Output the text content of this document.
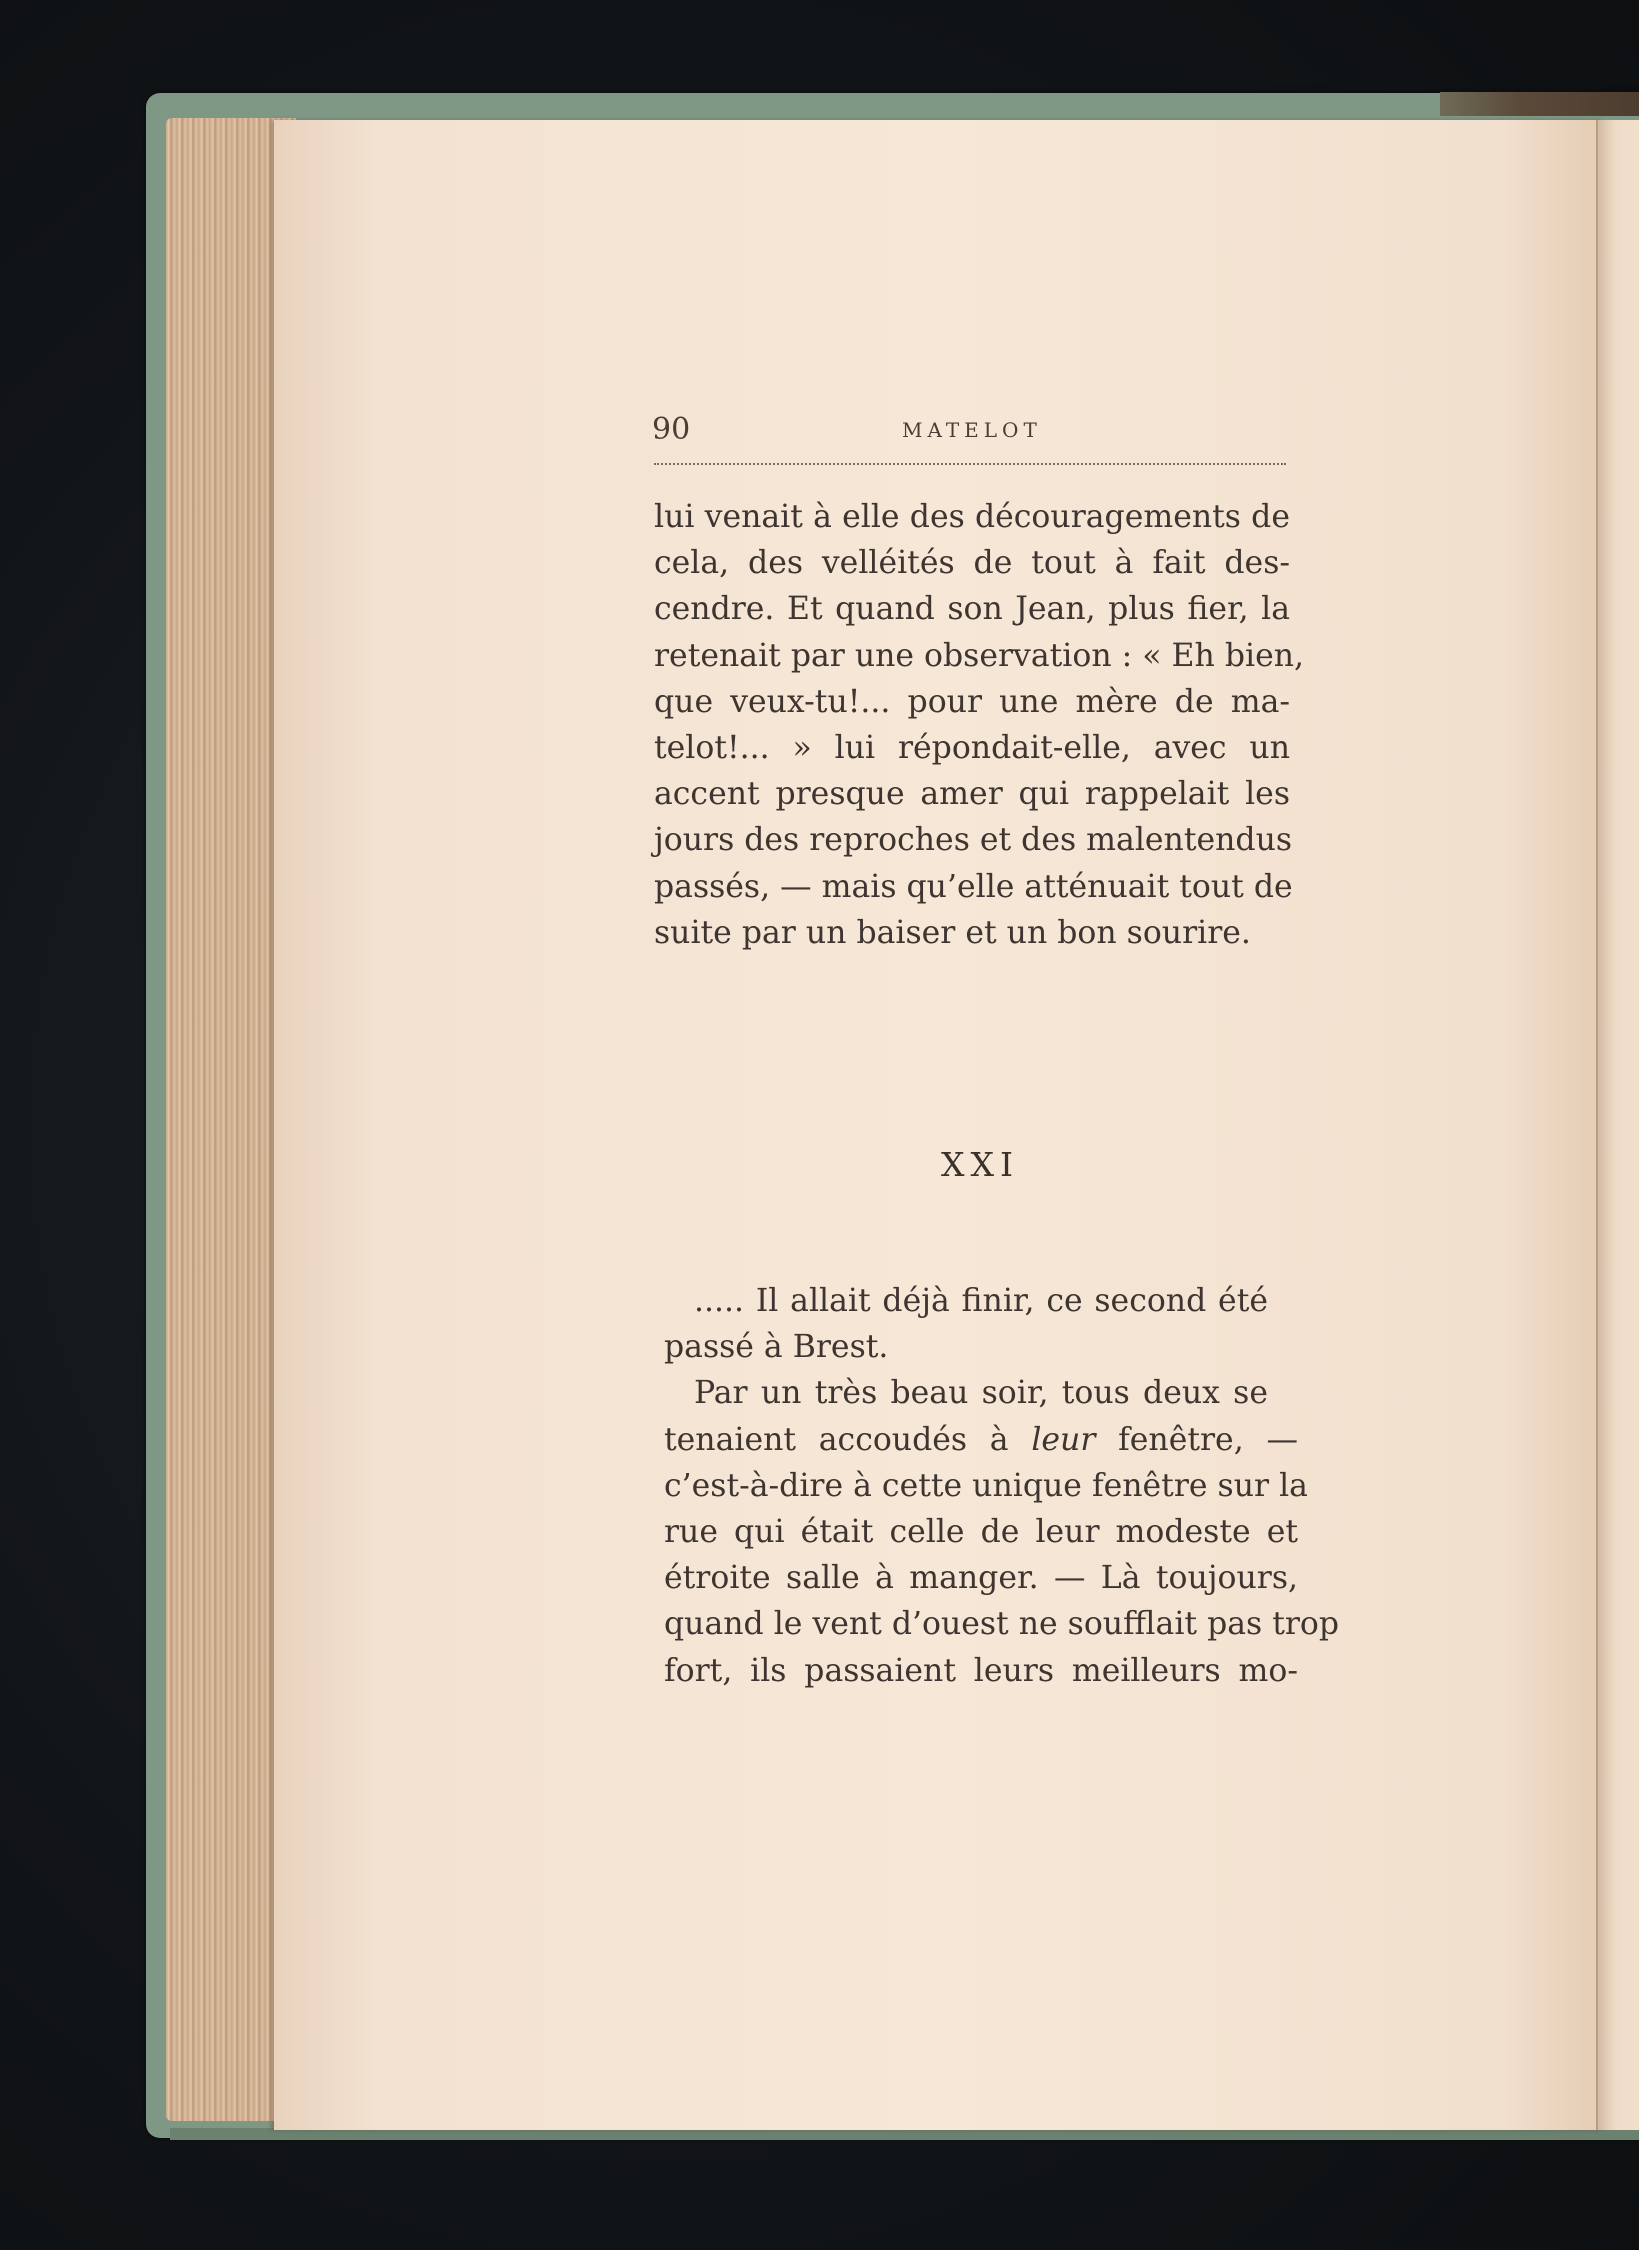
90	MATELOT
lui venait à elle des découragements de
cela, des velléités de tout à fait des-
cendre. Et quand son Jean, plus fier, la
retenait par une observation : « Eh bien,
que veux-tu!... pour une mère de ma-
telot!... » lui répondait-elle, avec un
accent presque amer qui rappelait les
jours des reproches et des malentendus
passés, — mais qu’elle atténuait tout de
suite par un baiser et un bon sourire.
XXI
..... Il allait déjà finir, ce second été
passé à Brest.
Par un très beau soir, tous deux se
tenaient accoudés à leur fenêtre, —
c’est-à-dire à cette unique fenêtre sur la
rue qui était celle de leur modeste et
étroite salle à manger. — Là toujours,
quand le vent d’ouest ne soufflait pas trop
fort, ils passaient leurs meilleurs mo-
